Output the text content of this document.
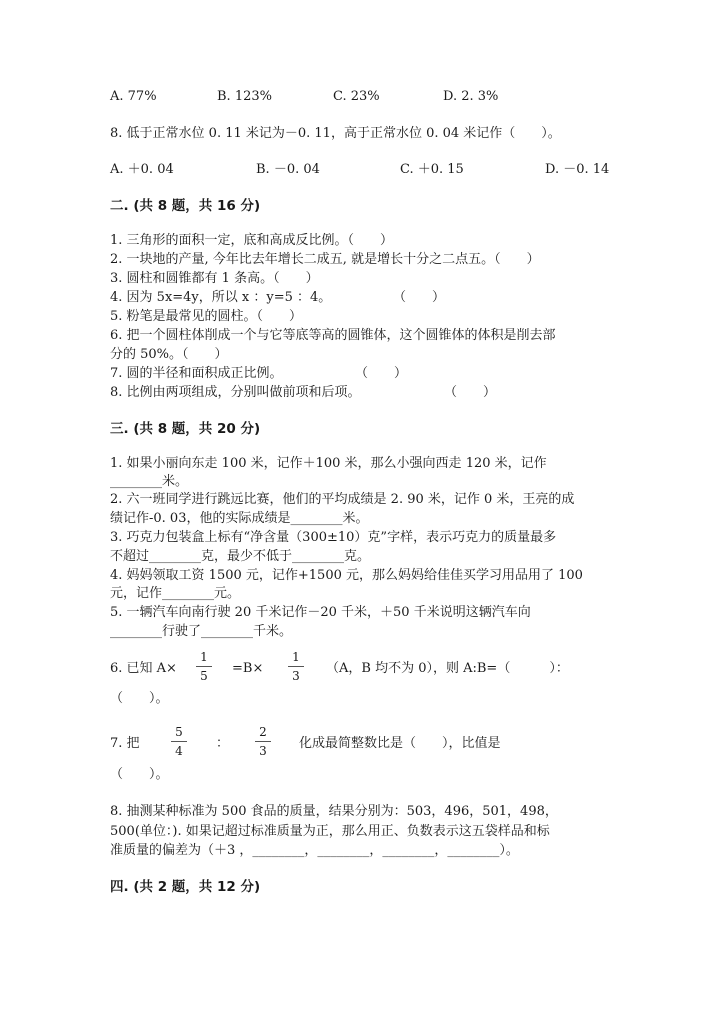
A. 77%	B. 123%	C. 23%	D. 2. 3%
8. 低于正常水位 0. 11 米记为－0. 11，高于正常水位 0. 04 米记作（　　）。
A. ＋0. 04	B. －0. 04	C. ＋0. 15	D. －0. 14
二. (共 8 题，共 16 分)
1. 三角形的面积一定，底和高成反比例。（　　）
2. 一块地的产量, 今年比去年增长二成五, 就是增长十分之二点五。（　　）
3. 圆柱和圆锥都有 1 条高。（　　）
4. 因为 5x=4y，所以 x ：y=5 ：4。	（　　）
5. 粉笔是最常见的圆柱。（　　）
6. 把一个圆柱体削成一个与它等底等高的圆锥体，这个圆锥体的体积是削去部
分的 50%。（　　）
7. 圆的半径和面积成正比例。	（　　）
8. 比例由两项组成，分别叫做前项和后项。	（　　）
三. (共 8 题，共 20 分)
1. 如果小丽向东走 100 米，记作＋100 米，那么小强向西走 120 米，记作
________米。
2. 六一班同学进行跳远比赛，他们的平均成绩是 2. 90 米，记作 0 米，王亮的成
绩记作-0. 03，他的实际成绩是________米。
3. 巧克力包装盒上标有“净含量（300±10）克”字样，表示巧克力的质量最多
不超过________克，最少不低于________克。
4. 妈妈领取工资 1500 元，记作+1500 元，那么妈妈给佳佳买学习用品用了 100
元，记作________元。
5. 一辆汽车向南行驶 20 千米记作－20 千米，＋50 千米说明这辆汽车向
________行驶了________千米。
6. 已知 A×
1
5	=B×
1
3	（A，B 均不为 0），则 A:B=（　　　）：
（　　）。
7. 把
5
4	：
2
3	化成最简整数比是（　　），比值是
（　　）。
8. 抽测某种标准为 500 食品的质量，结果分别为：503，496，501，498，
500(单位：). 如果记超过标准质量为正，那么用正、负数表示这五袋样品和标
准质量的偏差为（＋3 ，________，________，________，________）。
四. (共 2 题，共 12 分)
